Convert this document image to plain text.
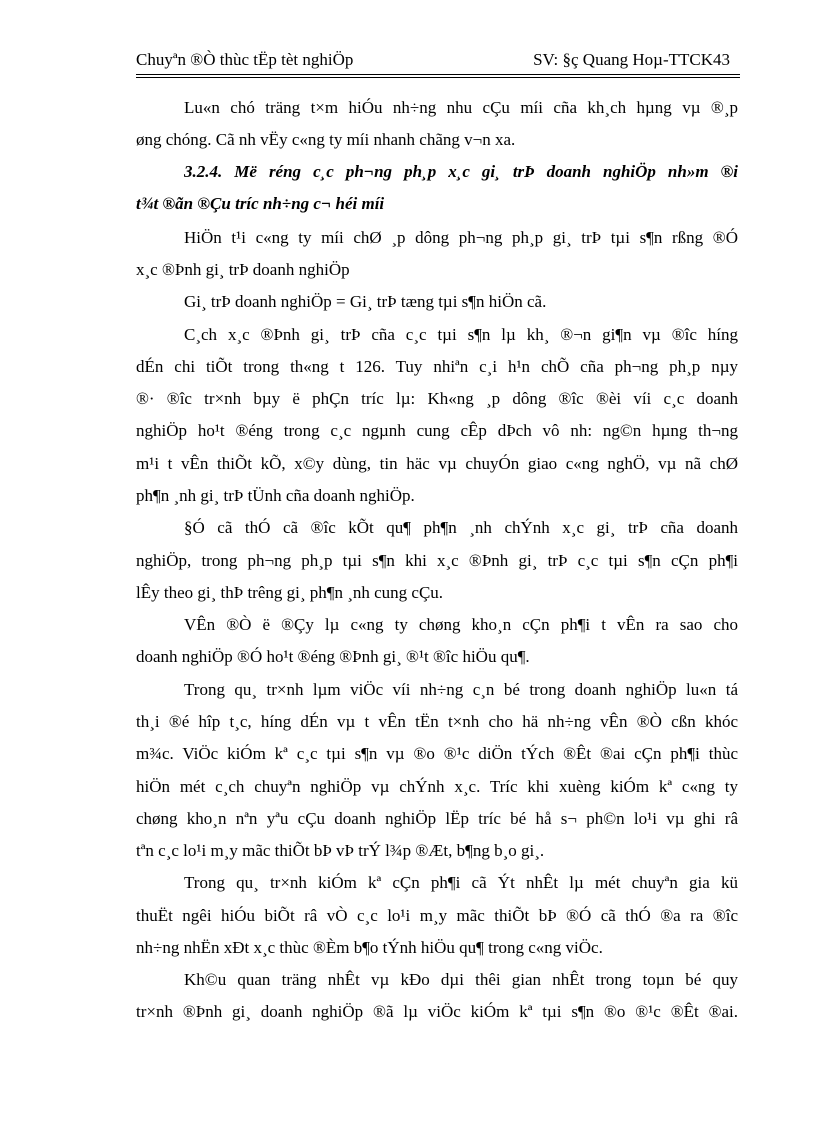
Chuyªn ®Ò thùc tËp tèt nghiÖp	SV: §ç Quang Hoµ-TTCK43
Lu«n chó träng t×m hiÓu nh÷ng nhu cÇu míi cña kh¸ch hµng vµ ®¸p
øng chóng. Cã nh vËy c«ng ty míi nhanh chãng v¬n xa.
3.2.4. Më réng c¸c ph¬ng ph¸p x¸c gi¸ trÞ doanh nghiÖp nh»m ®i
t¾t ®ãn ®Çu tríc nh÷ng c¬ héi míi
HiÖn t¹i c«ng ty míi chØ ¸p dông ph¬ng ph¸p gi¸ trÞ tµi s¶n rßng ®Ó
x¸c ®Þnh gi¸ trÞ doanh nghiÖp
Gi¸ trÞ doanh nghiÖp = Gi¸ trÞ tæng tµi s¶n hiÖn cã.
C¸ch x¸c ®Þnh gi¸ trÞ cña c¸c tµi s¶n lµ kh¸ ®¬n gi¶n vµ ®îc híng
dÉn chi tiÕt trong th«ng t 126. Tuy nhiªn c¸i h¹n chÕ cña ph¬ng ph¸p nµy
®· ®îc tr×nh bµy ë phÇn tríc lµ: Kh«ng ¸p dông ®îc ®èi víi c¸c doanh
nghiÖp ho¹t ®éng trong c¸c ngµnh cung cÊp dÞch vô nh: ng©n hµng th¬ng
m¹i t vÊn thiÕt kÕ, x©y dùng, tin häc vµ chuyÓn giao c«ng nghÖ, vµ nã chØ
ph¶n ¸nh gi¸ trÞ tÜnh cña doanh nghiÖp.
§Ó cã thÓ cã ®îc kÕt qu¶ ph¶n ¸nh chÝnh x¸c gi¸ trÞ cña doanh
nghiÖp, trong ph¬ng ph¸p tµi s¶n khi x¸c ®Þnh gi¸ trÞ c¸c tµi s¶n cÇn ph¶i
lÊy theo gi¸ thÞ trêng gi¸ ph¶n ¸nh cung cÇu.
VÊn ®Ò ë ®Çy lµ c«ng ty chøng kho¸n cÇn ph¶i t vÊn ra sao cho
doanh nghiÖp ®Ó ho¹t ®éng ®Þnh gi¸ ®¹t ®îc hiÖu qu¶.
Trong qu¸ tr×nh lµm viÖc víi nh÷ng c¸n bé trong doanh nghiÖp lu«n tá
th¸i ®é hîp t¸c, híng dÉn vµ t vÊn tËn t×nh cho hä nh÷ng vÊn ®Ò cßn khóc
m¾c. ViÖc kiÓm kª c¸c tµi s¶n vµ ®o ®¹c diÖn tÝch ®Êt ®ai cÇn ph¶i thùc
hiÖn mét c¸ch chuyªn nghiÖp vµ chÝnh x¸c. Tríc khi xuèng kiÓm kª c«ng ty
chøng kho¸n nªn yªu cÇu doanh nghiÖp lËp tríc bé hå s¬ ph©n lo¹i vµ ghi râ
tªn c¸c lo¹i m¸y mãc thiÕt bÞ vÞ trÝ l¾p ®Æt, b¶ng b¸o gi¸.
Trong qu¸ tr×nh kiÓm kª cÇn ph¶i cã Ýt nhÊt lµ mét chuyªn gia kü
thuËt ngêi hiÓu biÕt râ vÒ c¸c lo¹i m¸y mãc thiÕt bÞ ®Ó cã thÓ ®a ra ®îc
nh÷ng nhËn xÐt x¸c thùc ®Èm b¶o tÝnh hiÖu qu¶ trong c«ng viÖc.
Kh©u quan träng nhÊt vµ kÐo dµi thêi gian nhÊt trong toµn bé quy
tr×nh ®Þnh gi¸ doanh nghiÖp ®ã lµ viÖc kiÓm kª tµi s¶n ®o ®¹c ®Êt ®ai.
